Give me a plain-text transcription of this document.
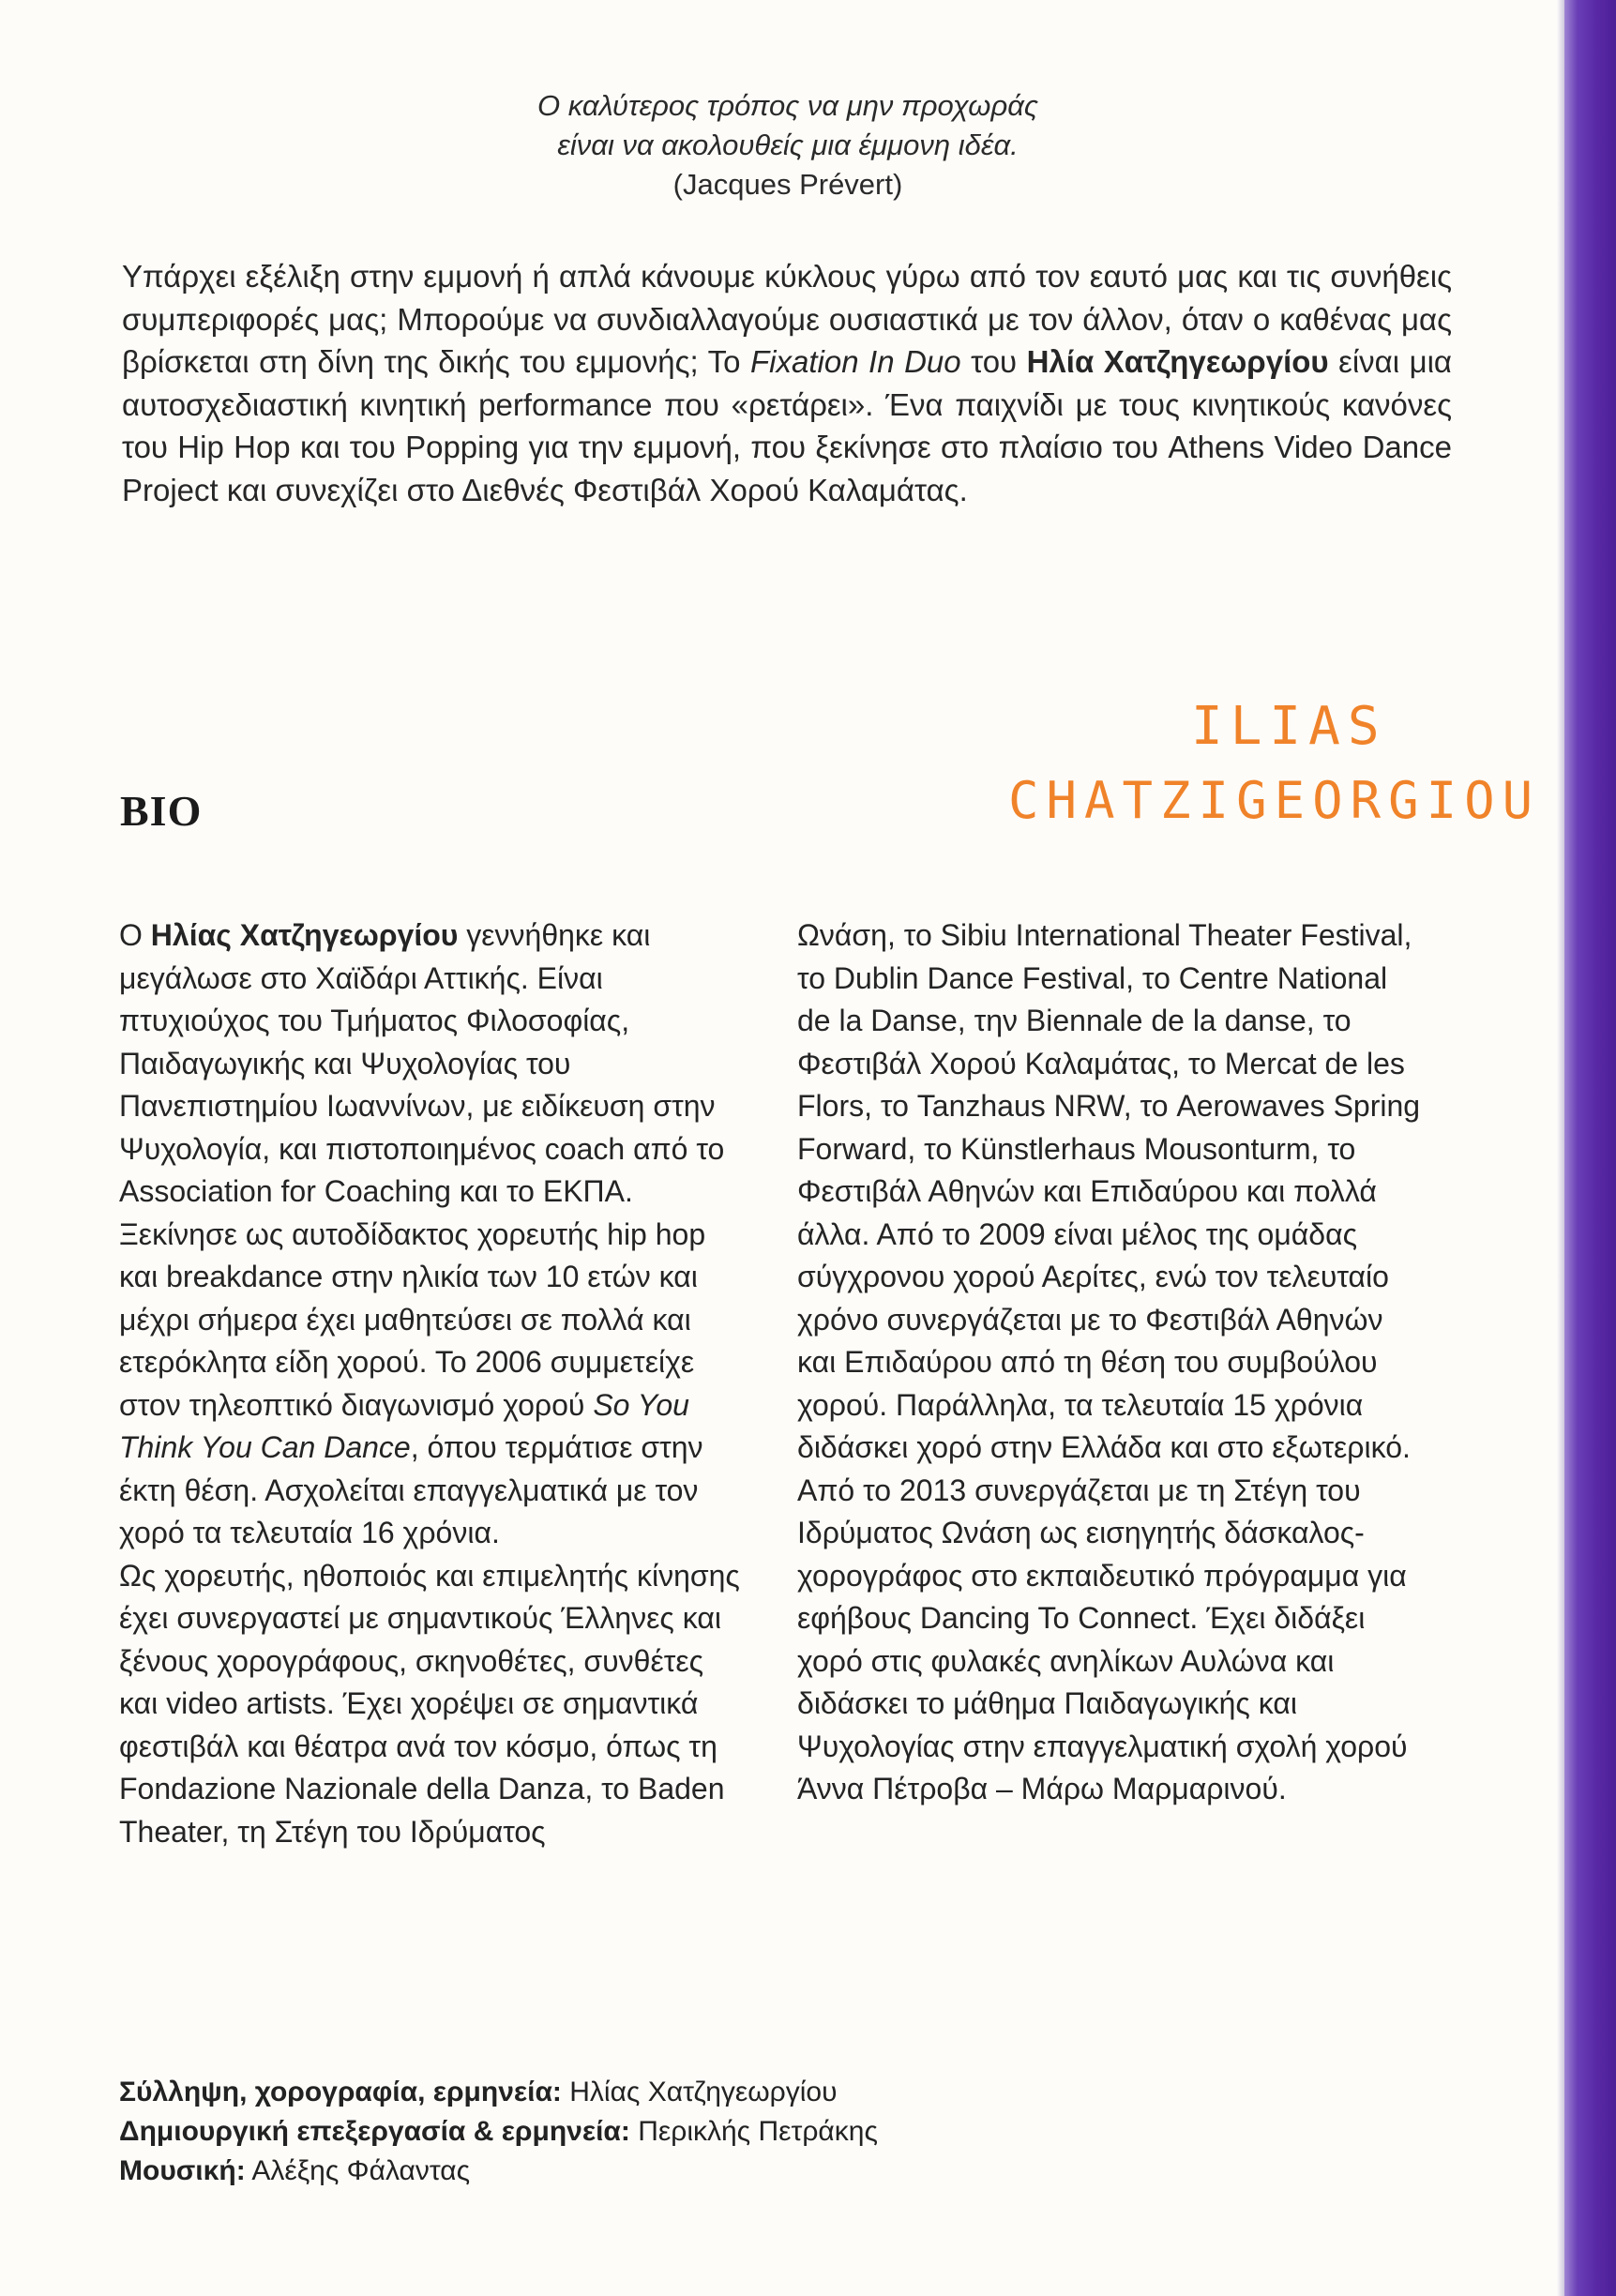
Ο καλύτερος τρόπος να μην προχωράς
είναι να ακολουθείς μια έμμονη ιδέα.
(Jacques Prévert)

Υπάρχει εξέλιξη στην εμμονή ή απλά κάνουμε κύκλους γύρω από τον εαυτό μας και τις συνήθεις συμπεριφορές μας; Μπορούμε να συνδιαλλαγούμε ουσιαστικά με τον άλλον, όταν ο καθένας μας βρίσκεται στη δίνη της δικής του εμμονής; Το Fixation In Duo του Ηλία Χατζηγεωργίου είναι μια αυτοσχεδιαστική κινητική performance που «ρετάρει». Ένα παιχνίδι με τους κινητικούς κανόνες του Hip Hop και του Popping για την εμμονή, που ξεκίνησε στο πλαίσιο του Athens Video Dance Project και συνεχίζει στο Διεθνές Φεστιβάλ Χορού Καλαμάτας.

ILIAS
CHATZIGEORGIOU
BIO

Ο Ηλίας Χατζηγεωργίου γεννήθηκε και μεγάλωσε στο Χαϊδάρι Αττικής. Είναι πτυχιούχος του Τμήματος Φιλοσοφίας, Παιδαγωγικής και Ψυχολογίας του Πανεπιστημίου Ιωαννίνων, με ειδίκευση στην Ψυχολογία, και πιστοποιημένος coach από το Association for Coaching και το ΕΚΠΑ. Ξεκίνησε ως αυτοδίδακτος χορευτής hip hop και breakdance στην ηλικία των 10 ετών και μέχρι σήμερα έχει μαθητεύσει σε πολλά και ετερόκλητα είδη χορού. Το 2006 συμμετείχε στον τηλεοπτικό διαγωνισμό χορού So You Think You Can Dance, όπου τερμάτισε στην έκτη θέση. Ασχολείται επαγγελματικά με τον χορό τα τελευταία 16 χρόνια.

Ως χορευτής, ηθοποιός και επιμελητής κίνησης έχει συνεργαστεί με σημαντικούς Έλληνες και ξένους χορογράφους, σκηνοθέτες, συνθέτες και video artists. Έχει χορέψει σε σημαντικά φεστιβάλ και θέατρα ανά τον κόσμο, όπως τη Fondazione Nazionale della Danza, το Baden Theater, τη Στέγη του Ιδρύματος

Ωνάση, το Sibiu International Theater Festival, το Dublin Dance Festival, το Centre National de la Danse, την Biennale de la danse, το Φεστιβάλ Χορού Καλαμάτας, το Mercat de les Flors, το Tanzhaus NRW, το Aerowaves Spring Forward, το Künstlerhaus Mousonturm, το Φεστιβάλ Αθηνών και Επιδαύρου και πολλά άλλα. Από το 2009 είναι μέλος της ομάδας σύγχρονου χορού Αερίτες, ενώ τον τελευταίο χρόνο συνεργάζεται με το Φεστιβάλ Αθηνών και Επιδαύρου από τη θέση του συμβούλου χορού. Παράλληλα, τα τελευταία 15 χρόνια διδάσκει χορό στην Ελλάδα και στο εξωτερικό. Από το 2013 συνεργάζεται με τη Στέγη του Ιδρύματος Ωνάση ως εισηγητής δάσκαλος-χορογράφος στο εκπαιδευτικό πρόγραμμα για εφήβους Dancing To Connect. Έχει διδάξει χορό στις φυλακές ανηλίκων Αυλώνα και διδάσκει το μάθημα Παιδαγωγικής και Ψυχολογίας στην επαγγελματική σχολή χορού Άννα Πέτροβα – Μάρω Μαρμαρινού.

Σύλληψη, χορογραφία, ερμηνεία: Ηλίας Χατζηγεωργίου

Δημιουργική επεξεργασία & ερμηνεία: Περικλής Πετράκης

Μουσική: Αλέξης Φάλαντας
